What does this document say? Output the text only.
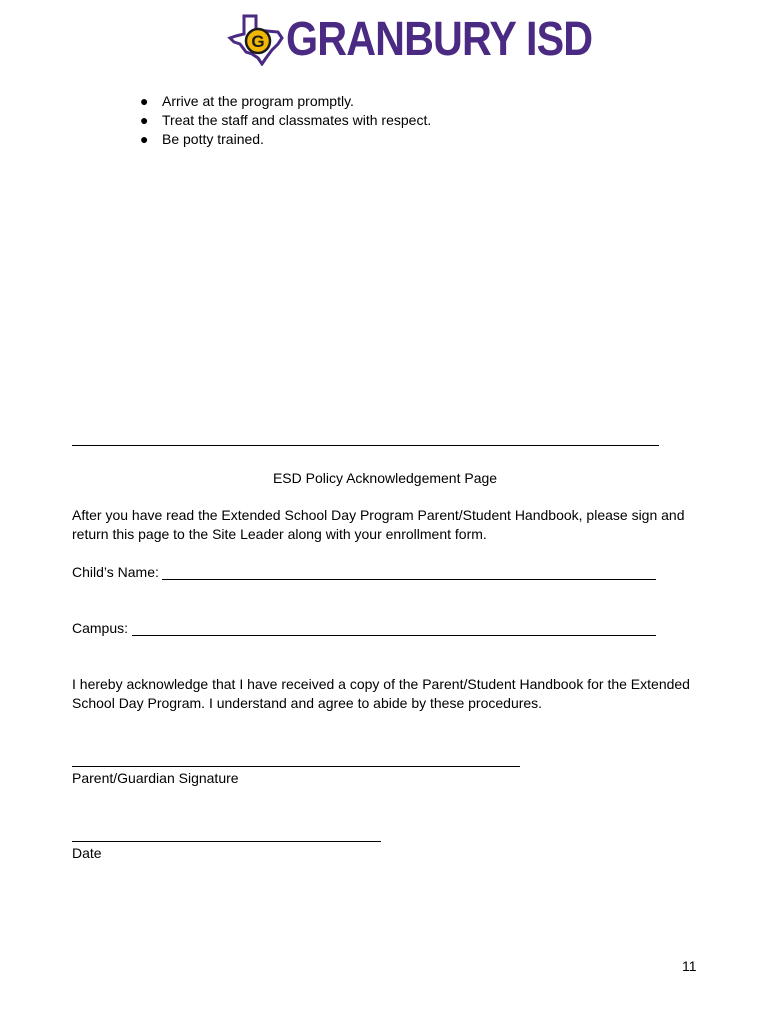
G GRANBURY ISD
● Arrive at the program promptly.
● Treat the staff and classmates with respect.
● Be potty trained.
ESD Policy Acknowledgement Page
After you have read the Extended School Day Program Parent/Student Handbook, please sign and
return this page to the Site Leader along with your enrollment form.
Child’s Name:
Campus:
I hereby acknowledge that I have received a copy of the Parent/Student Handbook for the Extended
School Day Program. I understand and agree to abide by these procedures.
Parent/Guardian Signature
Date
11
